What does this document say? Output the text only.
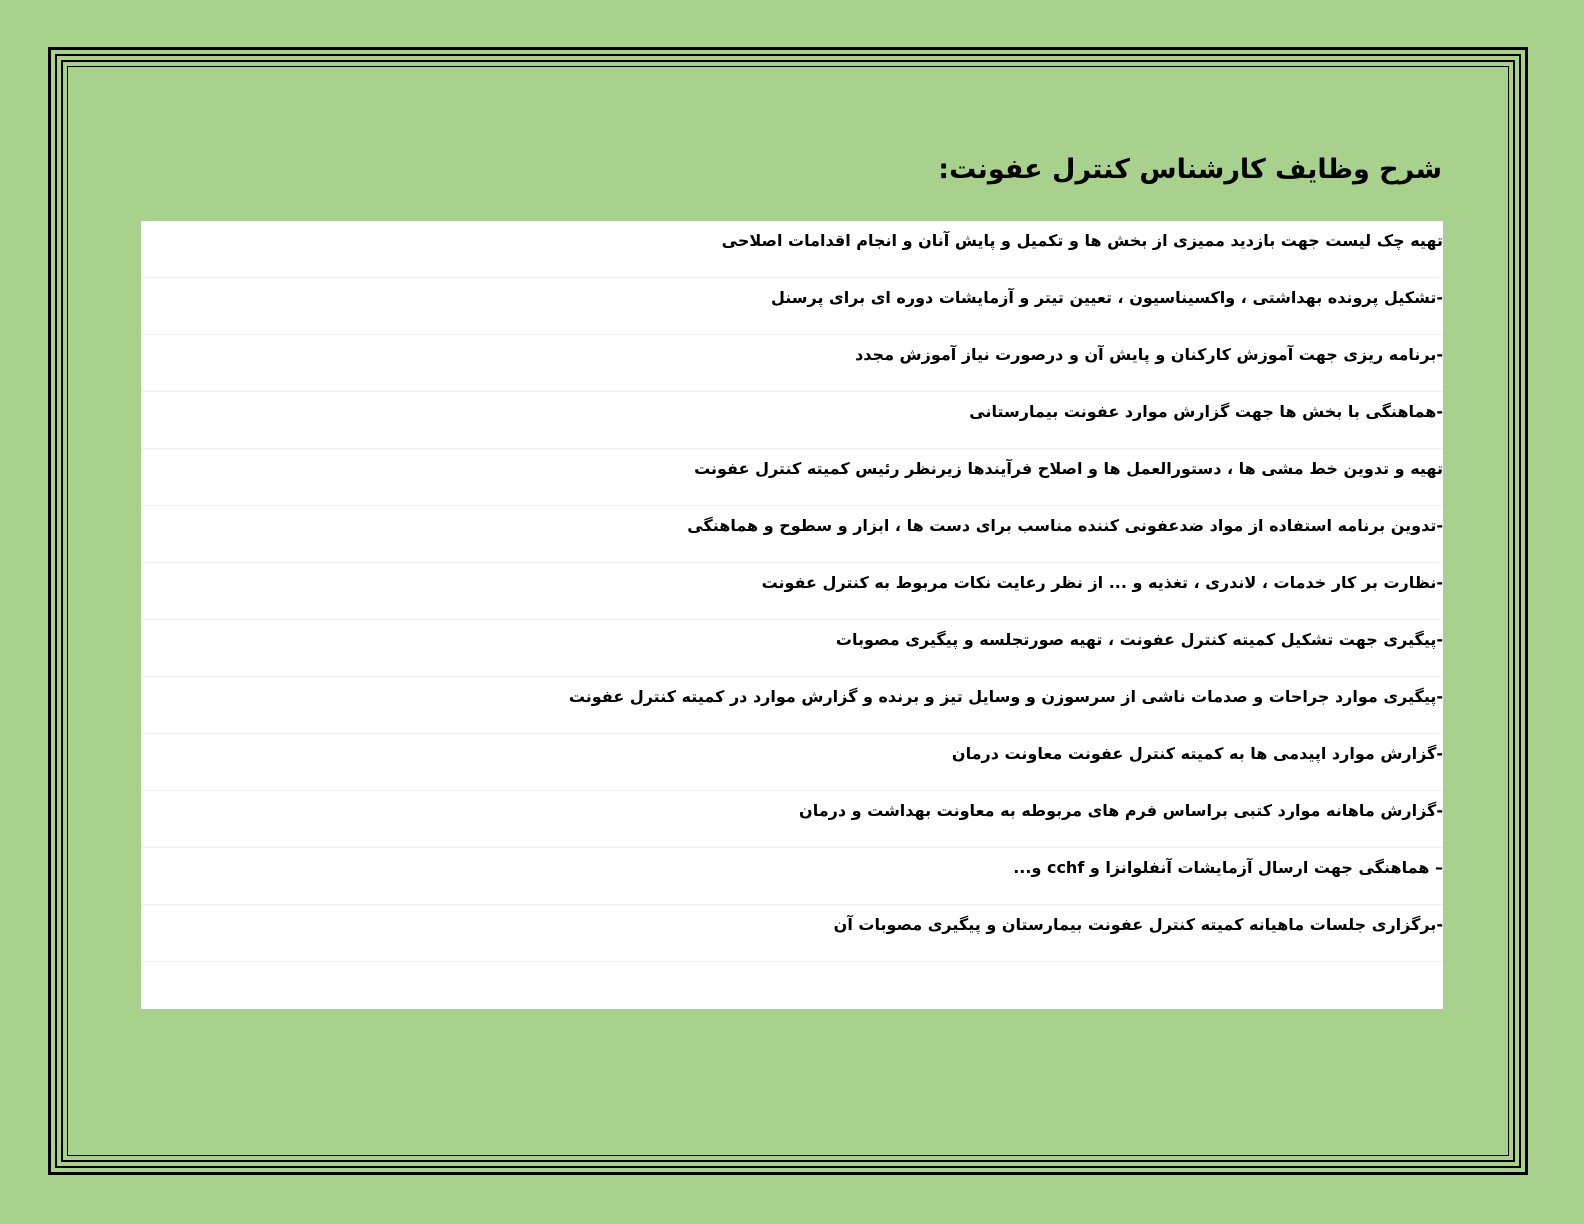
شرح وظایف کارشناس کنترل عفونت:
تهیه چک لیست جهت بازدید ممیزی از بخش ها و تکمیل و پایش آنان و انجام اقدامات اصلاحی
-تشکیل پرونده بهداشتی ، واکسیناسیون ، تعیین تیتر و آزمایشات دوره ای برای پرسنل
-برنامه ریزی جهت آموزش کارکنان و پایش آن و درصورت نیاز آموزش مجدد
-هماهنگی با بخش ها جهت گزارش موارد عفونت بیمارستانی
تهیه و تدوین خط مشی ها ، دستورالعمل ها و اصلاح فرآیندها زیرنظر رئیس کمیته کنترل عفونت
-تدوین برنامه استفاده از مواد ضدعفونی کننده مناسب برای دست ها ، ابزار و سطوح و هماهنگی
-نظارت بر کار خدمات ، لاندری ، تغذیه و ... از نظر رعایت نکات مربوط به کنترل عفونت
-پیگیری جهت تشکیل کمیته کنترل عفونت ، تهیه صورتجلسه و پیگیری مصوبات
-پیگیری موارد جراحات و صدمات ناشی از سرسوزن و وسایل تیز و برنده و گزارش موارد در کمیته کنترل عفونت
-گزارش موارد اپیدمی ها به کمیته کنترل عفونت معاونت درمان
-گزارش ماهانه موارد کتبی براساس فرم های مربوطه به معاونت بهداشت و درمان
– هماهنگی جهت ارسال آزمایشات آنفلوانزا و cchf و...
-برگزاری جلسات ماهیانه کمیته کنترل عفونت بیمارستان و پیگیری مصوبات آن
